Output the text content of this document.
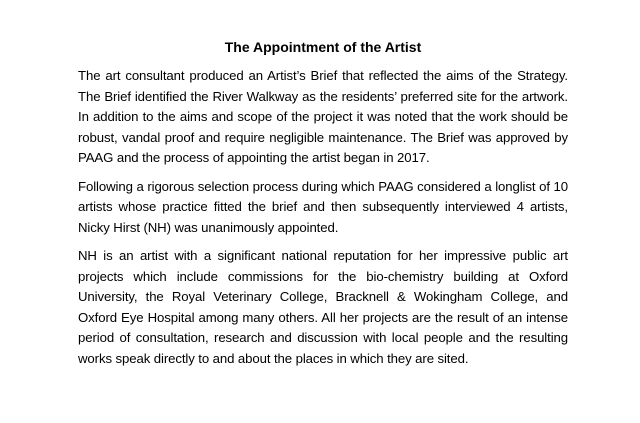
The Appointment of the Artist

The art consultant produced an Artist’s Brief that reflected the aims of the Strategy. The Brief identified the River Walkway as the residents’ preferred site for the artwork. In addition to the aims and scope of the project it was noted that the work should be robust, vandal proof and require negligible maintenance. The Brief was approved by PAAG and the process of appointing the artist began in 2017.

Following a rigorous selection process during which PAAG considered a longlist of 10 artists whose practice fitted the brief and then subsequently interviewed 4 artists, Nicky Hirst (NH) was unanimously appointed.

NH is an artist with a significant national reputation for her impressive public art projects which include commissions for the bio-chemistry building at Oxford University, the Royal Veterinary College, Bracknell & Wokingham College, and Oxford Eye Hospital among many others. All her projects are the result of an intense period of consultation, research and discussion with local people and the resulting works speak directly to and about the places in which they are sited.
